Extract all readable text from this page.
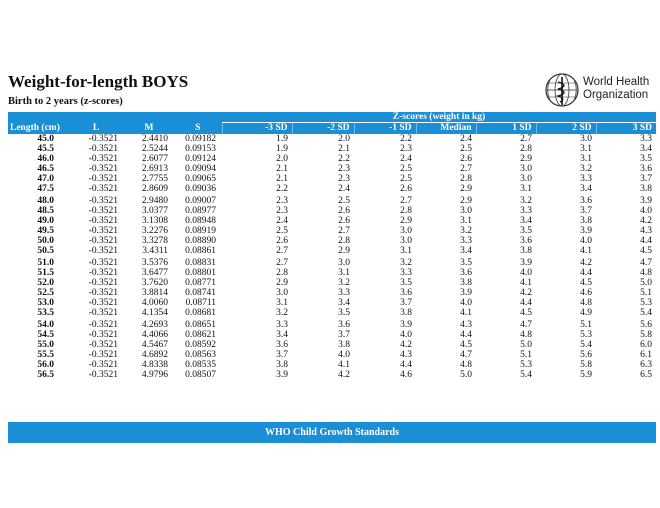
Weight-for-length BOYS
Birth to 2 years (z-scores)
World Health
Organization
				Z-scores (weight in kg)						
Length (cm)	L	M	S	-3 SD	-2 SD	-1 SD	Median	1 SD	2 SD	3 SD
45.0	-0.3521	2.4410	0.09182	1.9	2.0	2.2	2.4	2.7	3.0	3.3
45.5	-0.3521	2.5244	0.09153	1.9	2.1	2.3	2.5	2.8	3.1	3.4
46.0	-0.3521	2.6077	0.09124	2.0	2.2	2.4	2.6	2.9	3.1	3.5
46.5	-0.3521	2.6913	0.09094	2.1	2.3	2.5	2.7	3.0	3.2	3.6
47.0	-0.3521	2.7755	0.09065	2.1	2.3	2.5	2.8	3.0	3.3	3.7
47.5	-0.3521	2.8609	0.09036	2.2	2.4	2.6	2.9	3.1	3.4	3.8

48.0	-0.3521	2.9480	0.09007	2.3	2.5	2.7	2.9	3.2	3.6	3.9
48.5	-0.3521	3.0377	0.08977	2.3	2.6	2.8	3.0	3.3	3.7	4.0
49.0	-0.3521	3.1308	0.08948	2.4	2.6	2.9	3.1	3.4	3.8	4.2
49.5	-0.3521	3.2276	0.08919	2.5	2.7	3.0	3.2	3.5	3.9	4.3
50.0	-0.3521	3.3278	0.08890	2.6	2.8	3.0	3.3	3.6	4.0	4.4
50.5	-0.3521	3.4311	0.08861	2.7	2.9	3.1	3.4	3.8	4.1	4.5

51.0	-0.3521	3.5376	0.08831	2.7	3.0	3.2	3.5	3.9	4.2	4.7
51.5	-0.3521	3.6477	0.08801	2.8	3.1	3.3	3.6	4.0	4.4	4.8
52.0	-0.3521	3.7620	0.08771	2.9	3.2	3.5	3.8	4.1	4.5	5.0
52.5	-0.3521	3.8814	0.08741	3.0	3.3	3.6	3.9	4.2	4.6	5.1
53.0	-0.3521	4.0060	0.08711	3.1	3.4	3.7	4.0	4.4	4.8	5.3
53.5	-0.3521	4.1354	0.08681	3.2	3.5	3.8	4.1	4.5	4.9	5.4

54.0	-0.3521	4.2693	0.08651	3.3	3.6	3.9	4.3	4.7	5.1	5.6
54.5	-0.3521	4.4066	0.08621	3.4	3.7	4.0	4.4	4.8	5.3	5.8
55.0	-0.3521	4.5467	0.08592	3.6	3.8	4.2	4.5	5.0	5.4	6.0
55.5	-0.3521	4.6892	0.08563	3.7	4.0	4.3	4.7	5.1	5.6	6.1
56.0	-0.3521	4.8338	0.08535	3.8	4.1	4.4	4.8	5.3	5.8	6.3
56.5	-0.3521	4.9796	0.08507	3.9	4.2	4.6	5.0	5.4	5.9	6.5
WHO Child Growth Standards
